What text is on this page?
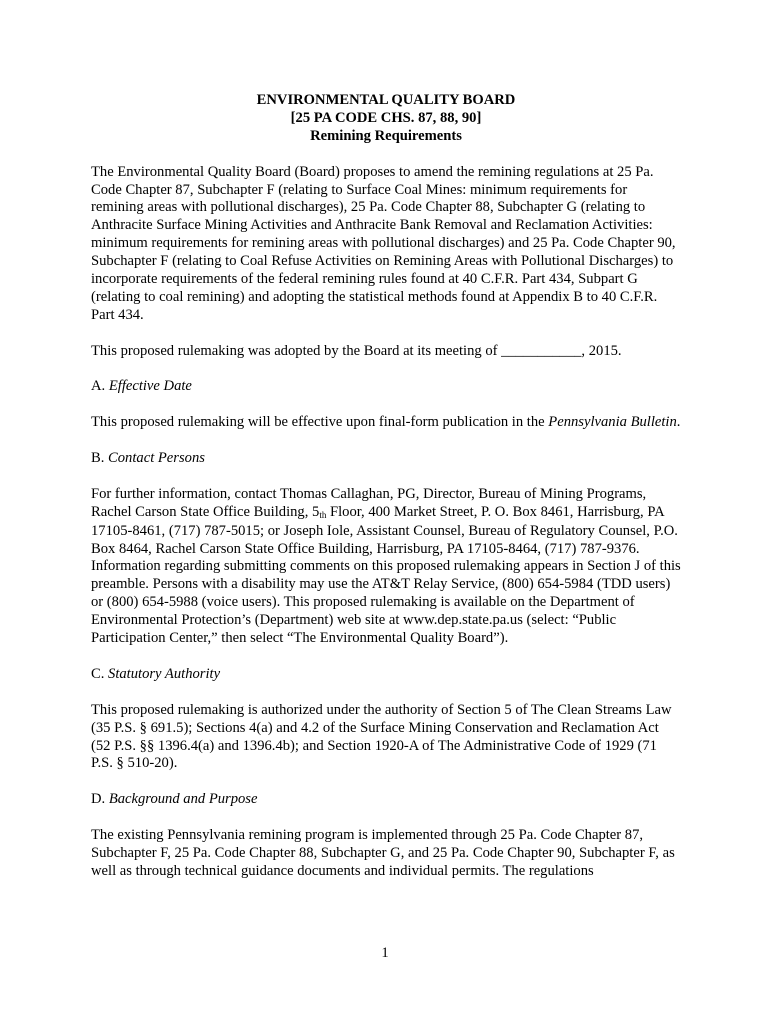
ENVIRONMENTAL QUALITY BOARD
[25 PA CODE CHS. 87, 88, 90]
Remining Requirements

The Environmental Quality Board (Board) proposes to amend the remining regulations at 25 Pa. Code Chapter 87, Subchapter F (relating to Surface Coal Mines: minimum requirements for remining areas with pollutional discharges), 25 Pa. Code Chapter 88, Subchapter G (relating to Anthracite Surface Mining Activities and Anthracite Bank Removal and Reclamation Activities: minimum requirements for remining areas with pollutional discharges) and 25 Pa. Code Chapter 90, Subchapter F (relating to Coal Refuse Activities on Remining Areas with Pollutional Discharges) to incorporate requirements of the federal remining rules found at 40 C.F.R. Part 434, Subpart G (relating to coal remining) and adopting the statistical methods found at Appendix B to 40 C.F.R. Part 434.

This proposed rulemaking was adopted by the Board at its meeting of ___________, 2015.

A. Effective Date

This proposed rulemaking will be effective upon final-form publication in the Pennsylvania Bulletin.

B. Contact Persons

For further information, contact Thomas Callaghan, PG, Director, Bureau of Mining Programs, Rachel Carson State Office Building, 5th Floor, 400 Market Street, P. O. Box 8461, Harrisburg, PA 17105-8461, (717) 787-5015; or Joseph Iole, Assistant Counsel, Bureau of Regulatory Counsel, P.O. Box 8464, Rachel Carson State Office Building, Harrisburg, PA 17105-8464, (717) 787-9376. Information regarding submitting comments on this proposed rulemaking appears in Section J of this preamble. Persons with a disability may use the AT&T Relay Service, (800) 654-5984 (TDD users) or (800) 654-5988 (voice users). This proposed rulemaking is available on the Department of Environmental Protection’s (Department) web site at www.dep.state.pa.us (select: “Public Participation Center,” then select “The Environmental Quality Board”).

C. Statutory Authority

This proposed rulemaking is authorized under the authority of Section 5 of The Clean Streams Law (35 P.S. § 691.5); Sections 4(a) and 4.2 of the Surface Mining Conservation and Reclamation Act (52 P.S. §§ 1396.4(a) and 1396.4b); and Section 1920-A of The Administrative Code of 1929 (71 P.S. § 510-20).

D. Background and Purpose

The existing Pennsylvania remining program is implemented through 25 Pa. Code Chapter 87, Subchapter F, 25 Pa. Code Chapter 88, Subchapter G, and 25 Pa. Code Chapter 90, Subchapter F, as well as through technical guidance documents and individual permits. The regulations

1
